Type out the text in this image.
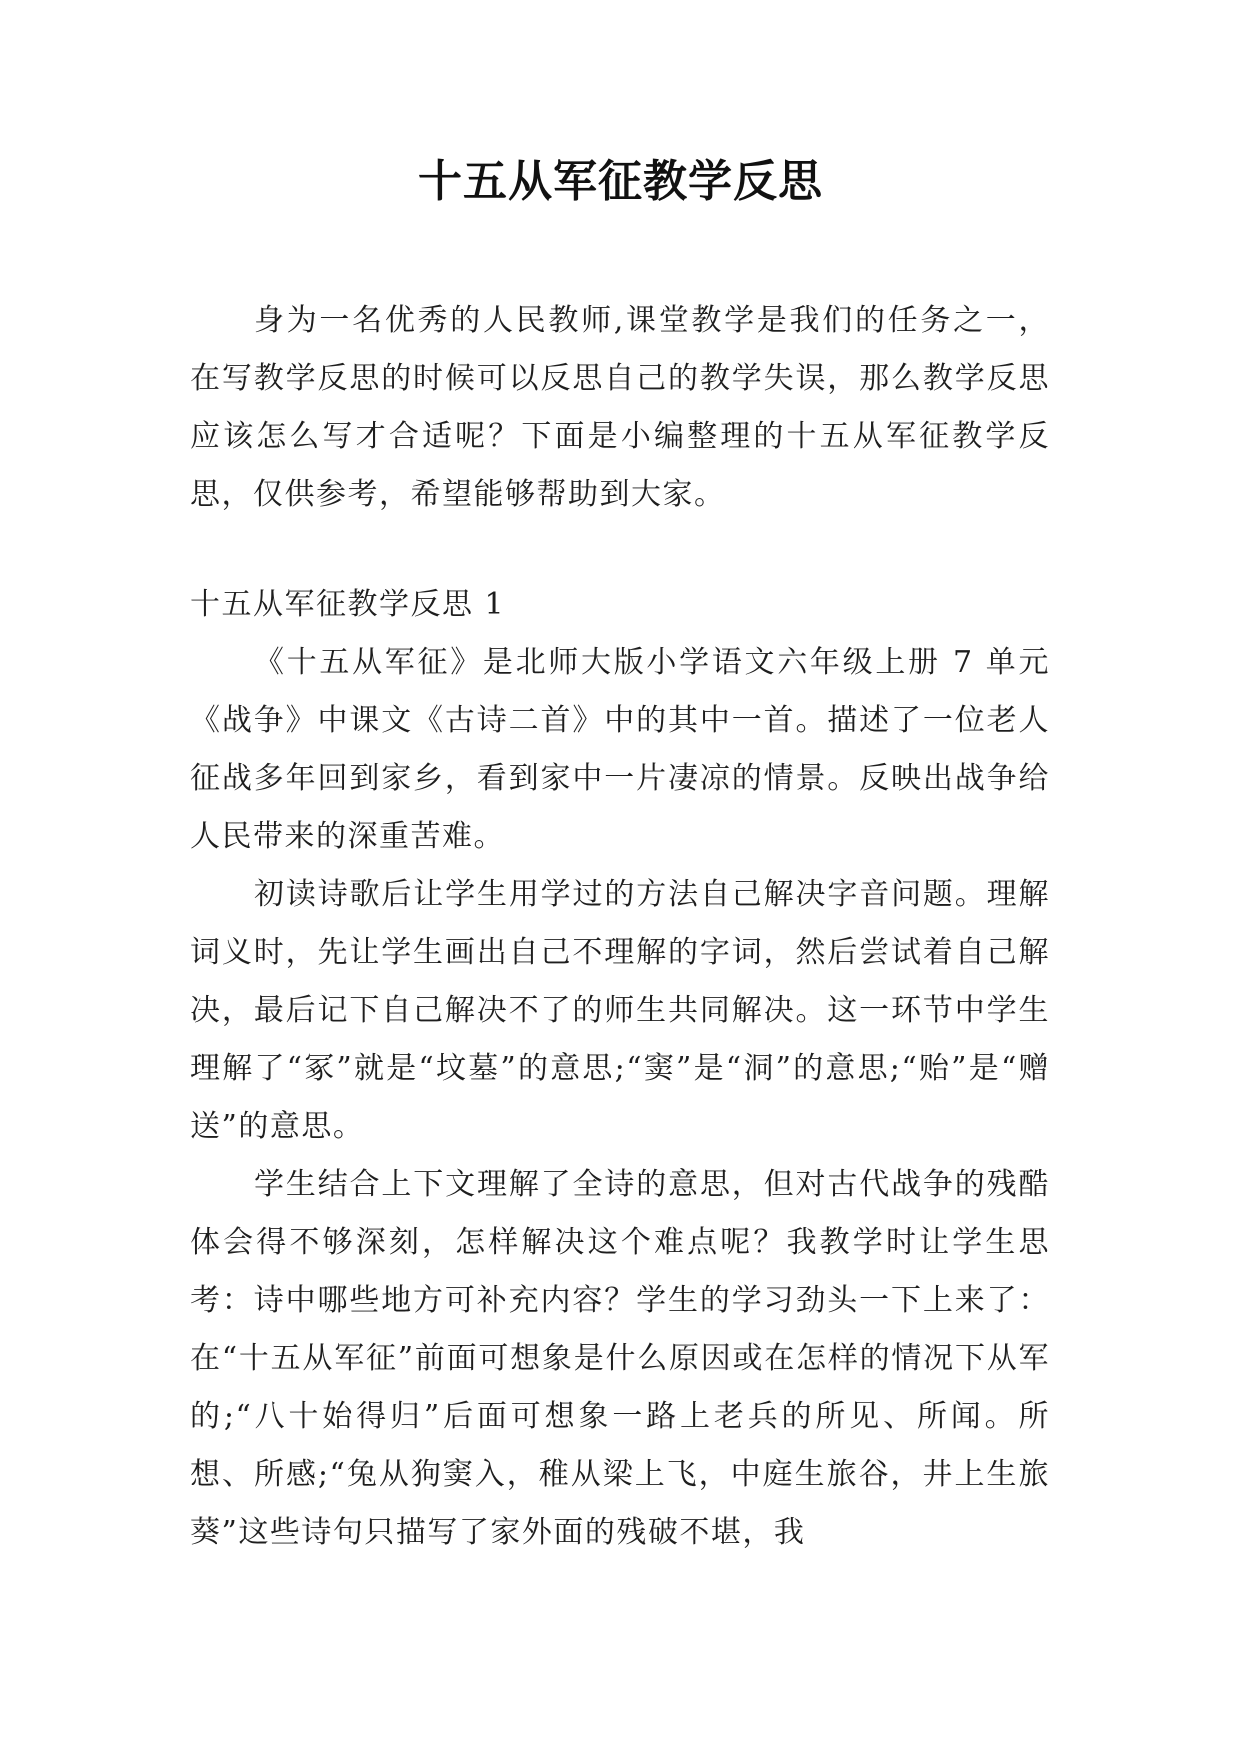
十五从军征教学反思
身为一名优秀的人民教师,课堂教学是我们的任务之一，在写教学反思的时候可以反思自己的教学失误，那么教学反思应该怎么写才合适呢？下面是小编整理的十五从军征教学反思，仅供参考，希望能够帮助到大家。
十五从军征教学反思 1

《十五从军征》是北师大版小学语文六年级上册 7 单元《战争》中课文《古诗二首》中的其中一首。描述了一位老人征战多年回到家乡，看到家中一片凄凉的情景。反映出战争给人民带来的深重苦难。

初读诗歌后让学生用学过的方法自己解决字音问题。理解词义时，先让学生画出自己不理解的字词，然后尝试着自己解决，最后记下自己解决不了的师生共同解决。这一环节中学生理解了“冢”就是“坟墓”的意思;“窦”是“洞”的意思;“贻”是“赠送”的意思。

学生结合上下文理解了全诗的意思，但对古代战争的残酷体会得不够深刻，怎样解决这个难点呢？我教学时让学生思考：诗中哪些地方可补充内容？学生的学习劲头一下上来了：在“十五从军征”前面可想象是什么原因或在怎样的情况下从军的;“八十始得归”后面可想象一路上老兵的所见、所闻。所想、所感;“兔从狗窦入，稚从梁上飞，中庭生旅谷，井上生旅葵”这些诗句只描写了家外面的残破不堪，我
